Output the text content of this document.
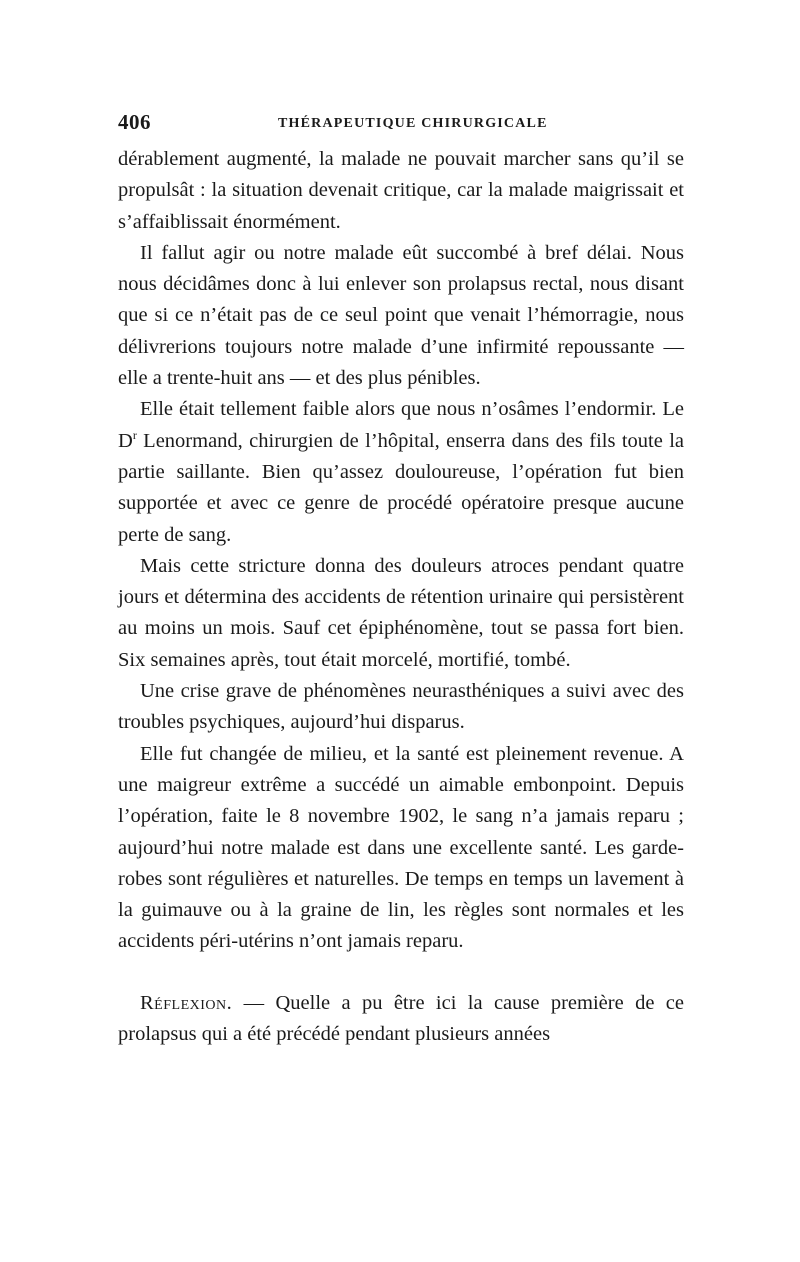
406	THÉRAPEUTIQUE CHIRURGICALE

dérablement augmenté, la malade ne pouvait marcher sans qu’il se propulsât : la situation devenait critique, car la malade maigrissait et s’affaiblissait énormément.

Il fallut agir ou notre malade eût succombé à bref délai. Nous nous décidâmes donc à lui enlever son prolapsus rectal, nous disant que si ce n’était pas de ce seul point que venait l’hémorragie, nous délivrerions toujours notre malade d’une infirmité repoussante — elle a trente-huit ans — et des plus pénibles.

Elle était tellement faible alors que nous n’osâmes l’endormir. Le $D^r$ Lenormand, chirurgien de l’hôpital, enserra dans des fils toute la partie saillante. Bien qu’assez douloureuse, l’opération fut bien supportée et avec ce genre de procédé opératoire presque aucune perte de sang.

Mais cette stricture donna des douleurs atroces pendant quatre jours et détermina des accidents de rétention urinaire qui persistèrent au moins un mois. Sauf cet épiphénomène, tout se passa fort bien. Six semaines après, tout était morcelé, mortifié, tombé.

Une crise grave de phénomènes neurasthéniques a suivi avec des troubles psychiques, aujourd’hui disparus.

Elle fut changée de milieu, et la santé est pleinement revenue. A une maigreur extrême a succédé un aimable embonpoint. Depuis l’opération, faite le 8 novembre 1902, le sang n’a jamais reparu ; aujourd’hui notre malade est dans une excellente santé. Les garde-robes sont régulières et naturelles. De temps en temps un lavement à la guimauve ou à la graine de lin, les règles sont normales et les accidents péri-utérins n’ont jamais reparu.

Réflexion. — Quelle a pu être ici la cause première de ce prolapsus qui a été précédé pendant plusieurs années
